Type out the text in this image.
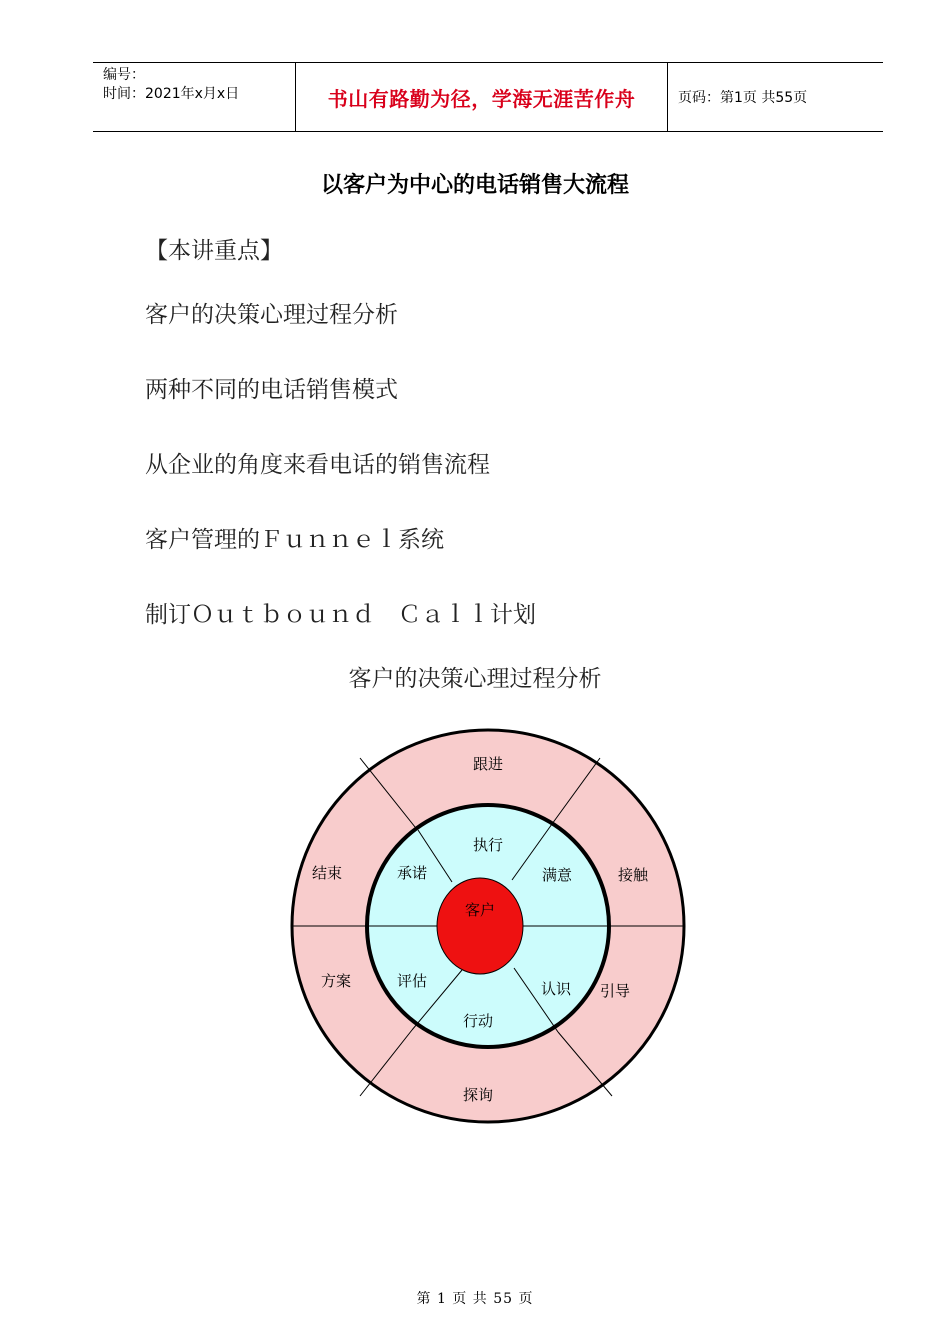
编号：
时间：2021年x月x日	书山有路勤为径，学海无涯苦作舟	页码：第1页 共55页
以客户为中心的电话销售大流程
【本讲重点】
客户的决策心理过程分析
两种不同的电话销售模式
从企业的角度来看电话的销售流程
客户管理的Ｆｕｎｎｅｌ系统
制订Ｏｕｔｂｏｕｎｄ　Ｃａｌｌ计划
客户的决策心理过程分析
客户
执行
满意
认识
行动
评估
承诺
跟进
接触
引导
探询
方案
结束
第 1 页 共 55 页
